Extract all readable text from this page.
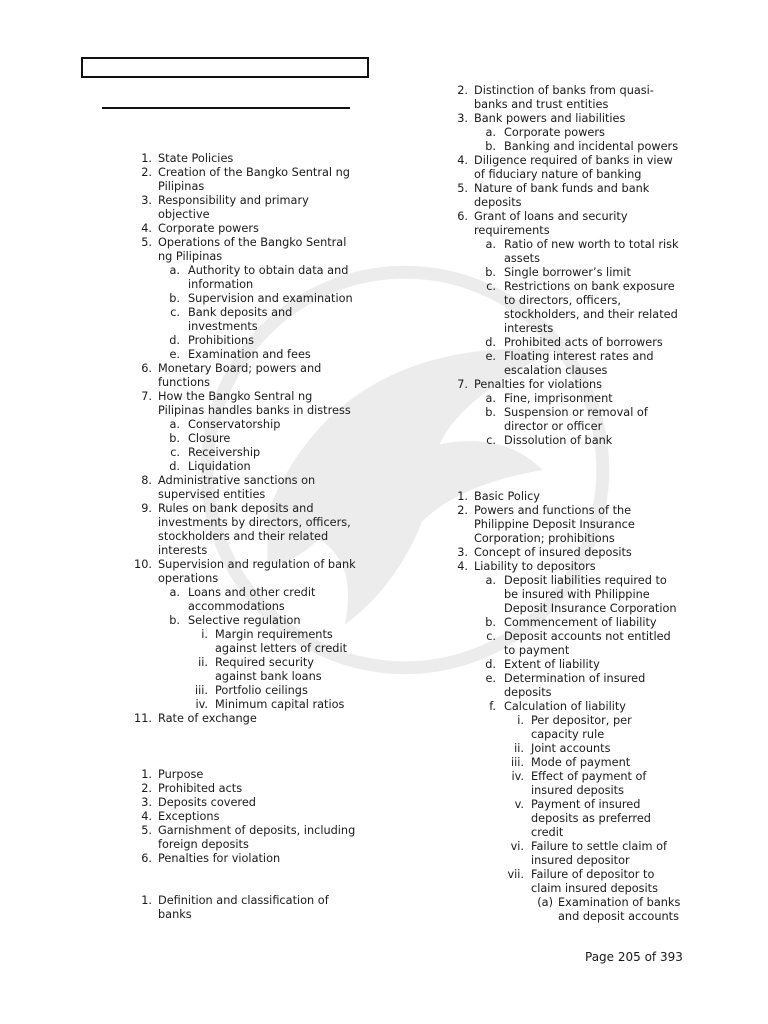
1. State Policies
2. Creation of the Bangko Sentral ng Pilipinas
3. Responsibility and primary objective
4. Corporate powers
5. Operations of the Bangko Sentral ng Pilipinas
a. Authority to obtain data and information
b. Supervision and examination
c. Bank deposits and investments
d. Prohibitions
e. Examination and fees
6. Monetary Board; powers and functions
7. How the Bangko Sentral ng Pilipinas handles banks in distress
a. Conservatorship
b. Closure
c. Receivership
d. Liquidation
8. Administrative sanctions on supervised entities
9. Rules on bank deposits and investments by directors, officers, stockholders and their related interests
10. Supervision and regulation of bank operations
a. Loans and other credit accommodations
b. Selective regulation
i. Margin requirements against letters of credit
ii. Required security against bank loans
iii. Portfolio ceilings
iv. Minimum capital ratios
11. Rate of exchange
1. Purpose
2. Prohibited acts
3. Deposits covered
4. Exceptions
5. Garnishment of deposits, including foreign deposits
6. Penalties for violation
1. Definition and classification of banks
2. Distinction of banks from quasi-banks and trust entities
3. Bank powers and liabilities
a. Corporate powers
b. Banking and incidental powers
4. Diligence required of banks in view of fiduciary nature of banking
5. Nature of bank funds and bank deposits
6. Grant of loans and security requirements
a. Ratio of new worth to total risk assets
b. Single borrower’s limit
c. Restrictions on bank exposure to directors, officers, stockholders, and their related interests
d. Prohibited acts of borrowers
e. Floating interest rates and escalation clauses
7. Penalties for violations
a. Fine, imprisonment
b. Suspension or removal of director or officer
c. Dissolution of bank
1. Basic Policy
2. Powers and functions of the Philippine Deposit Insurance Corporation; prohibitions
3. Concept of insured deposits
4. Liability to depositors
a. Deposit liabilities required to be insured with Philippine Deposit Insurance Corporation
b. Commencement of liability
c. Deposit accounts not entitled to payment
d. Extent of liability
e. Determination of insured deposits
f. Calculation of liability
i. Per depositor, per capacity rule
ii. Joint accounts
iii. Mode of payment
iv. Effect of payment of insured deposits
v. Payment of insured deposits as preferred credit
vi. Failure to settle claim of insured depositor
vii. Failure of depositor to claim insured deposits
(a) Examination of banks and deposit accounts
Page 205 of 393
